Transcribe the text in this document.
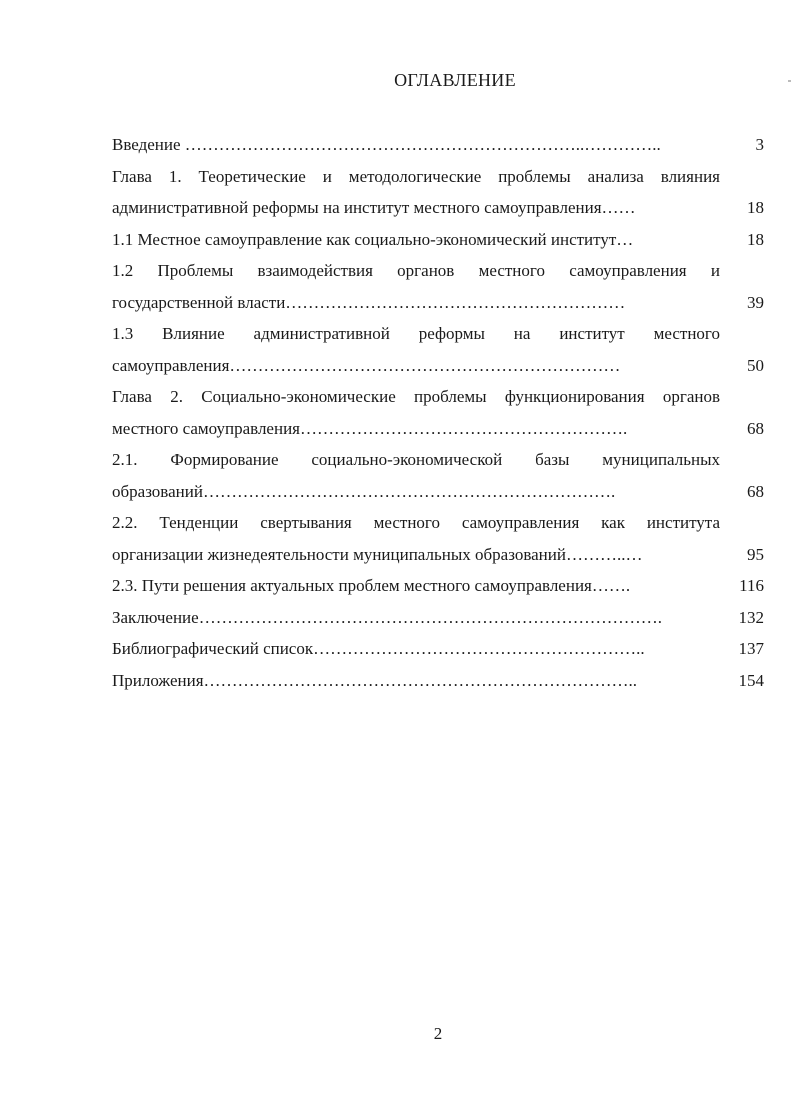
ОГЛАВЛЕНИЕ
Введение ……………………………………………………………..…………..	3
Глава 1. Теоретические и методологические проблемы анализа влияния
административной реформы на институт местного самоуправления……	18
1.1 Местное самоуправление как социально-экономический институт…	18
1.2 Проблемы взаимодействия органов местного самоуправления и
государственной власти……………………………………………………	39
1.3 Влияние административной реформы на институт местного
самоуправления……………………………………………………………	50
Глава 2. Социально-экономические проблемы функционирования органов
местного самоуправления………………………………………………….	68
2.1. Формирование социально-экономической базы муниципальных
образований……………………………………………………………….	68
2.2. Тенденции свертывания местного самоуправления как института
организации жизнедеятельности муниципальных образований………..…	95
2.3. Пути решения актуальных проблем местного самоуправления…….	116
Заключение……………………………………………………………………….	132
Библиографический список…………………………………………………..	137
Приложения…………………………………………………………………..	154
2
